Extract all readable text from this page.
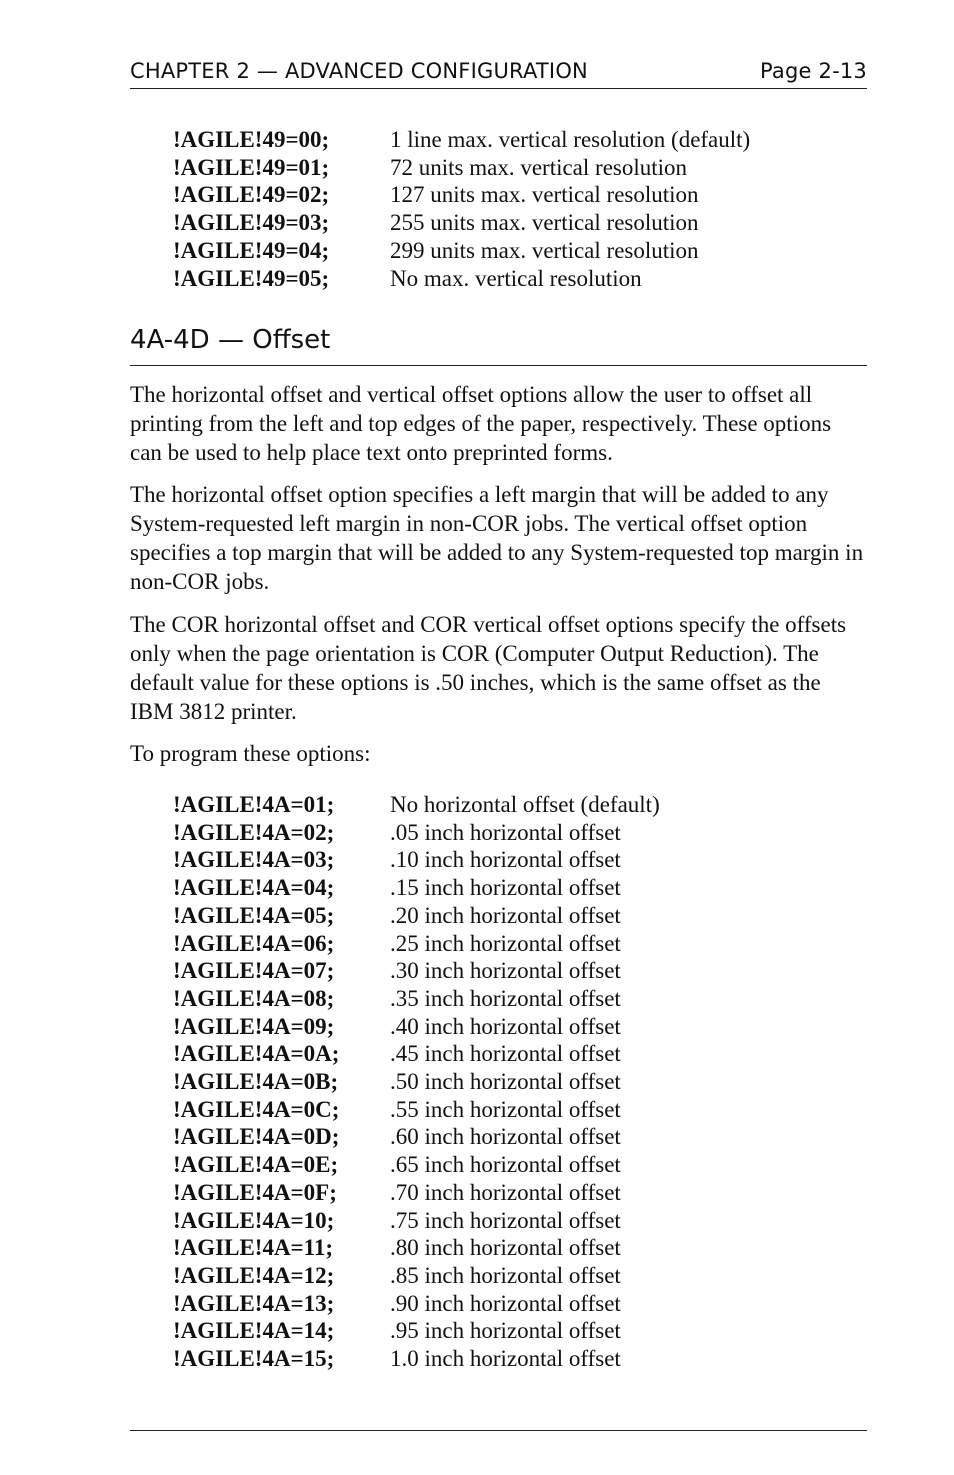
CHAPTER 2 — ADVANCED CONFIGURATION	Page 2-13
!AGILE!49=00;	1 line max. vertical resolution (default)
!AGILE!49=01;	72 units max. vertical resolution
!AGILE!49=02;	127 units max. vertical resolution
!AGILE!49=03;	255 units max. vertical resolution
!AGILE!49=04;	299 units max. vertical resolution
!AGILE!49=05;	No max. vertical resolution
4A-4D — Offset

The horizontal offset and vertical offset options allow the user to offset all printing from the left and top edges of the paper, respectively. These options can be used to help place text onto preprinted forms.

The horizontal offset option specifies a left margin that will be added to any System-requested left margin in non-COR jobs. The vertical offset option specifies a top margin that will be added to any System-requested top margin in non-COR jobs.

The COR horizontal offset and COR vertical offset options specify the offsets only when the page orientation is COR (Computer Output Reduction). The default value for these options is .50 inches, which is the same offset as the IBM 3812 printer.

To program these options:

!AGILE!4A=01;	No horizontal offset (default)
!AGILE!4A=02;	.05 inch horizontal offset
!AGILE!4A=03;	.10 inch horizontal offset
!AGILE!4A=04;	.15 inch horizontal offset
!AGILE!4A=05;	.20 inch horizontal offset
!AGILE!4A=06;	.25 inch horizontal offset
!AGILE!4A=07;	.30 inch horizontal offset
!AGILE!4A=08;	.35 inch horizontal offset
!AGILE!4A=09;	.40 inch horizontal offset
!AGILE!4A=0A;	.45 inch horizontal offset
!AGILE!4A=0B;	.50 inch horizontal offset
!AGILE!4A=0C;	.55 inch horizontal offset
!AGILE!4A=0D;	.60 inch horizontal offset
!AGILE!4A=0E;	.65 inch horizontal offset
!AGILE!4A=0F;	.70 inch horizontal offset
!AGILE!4A=10;	.75 inch horizontal offset
!AGILE!4A=11;	.80 inch horizontal offset
!AGILE!4A=12;	.85 inch horizontal offset
!AGILE!4A=13;	.90 inch horizontal offset
!AGILE!4A=14;	.95 inch horizontal offset
!AGILE!4A=15;	1.0 inch horizontal offset
